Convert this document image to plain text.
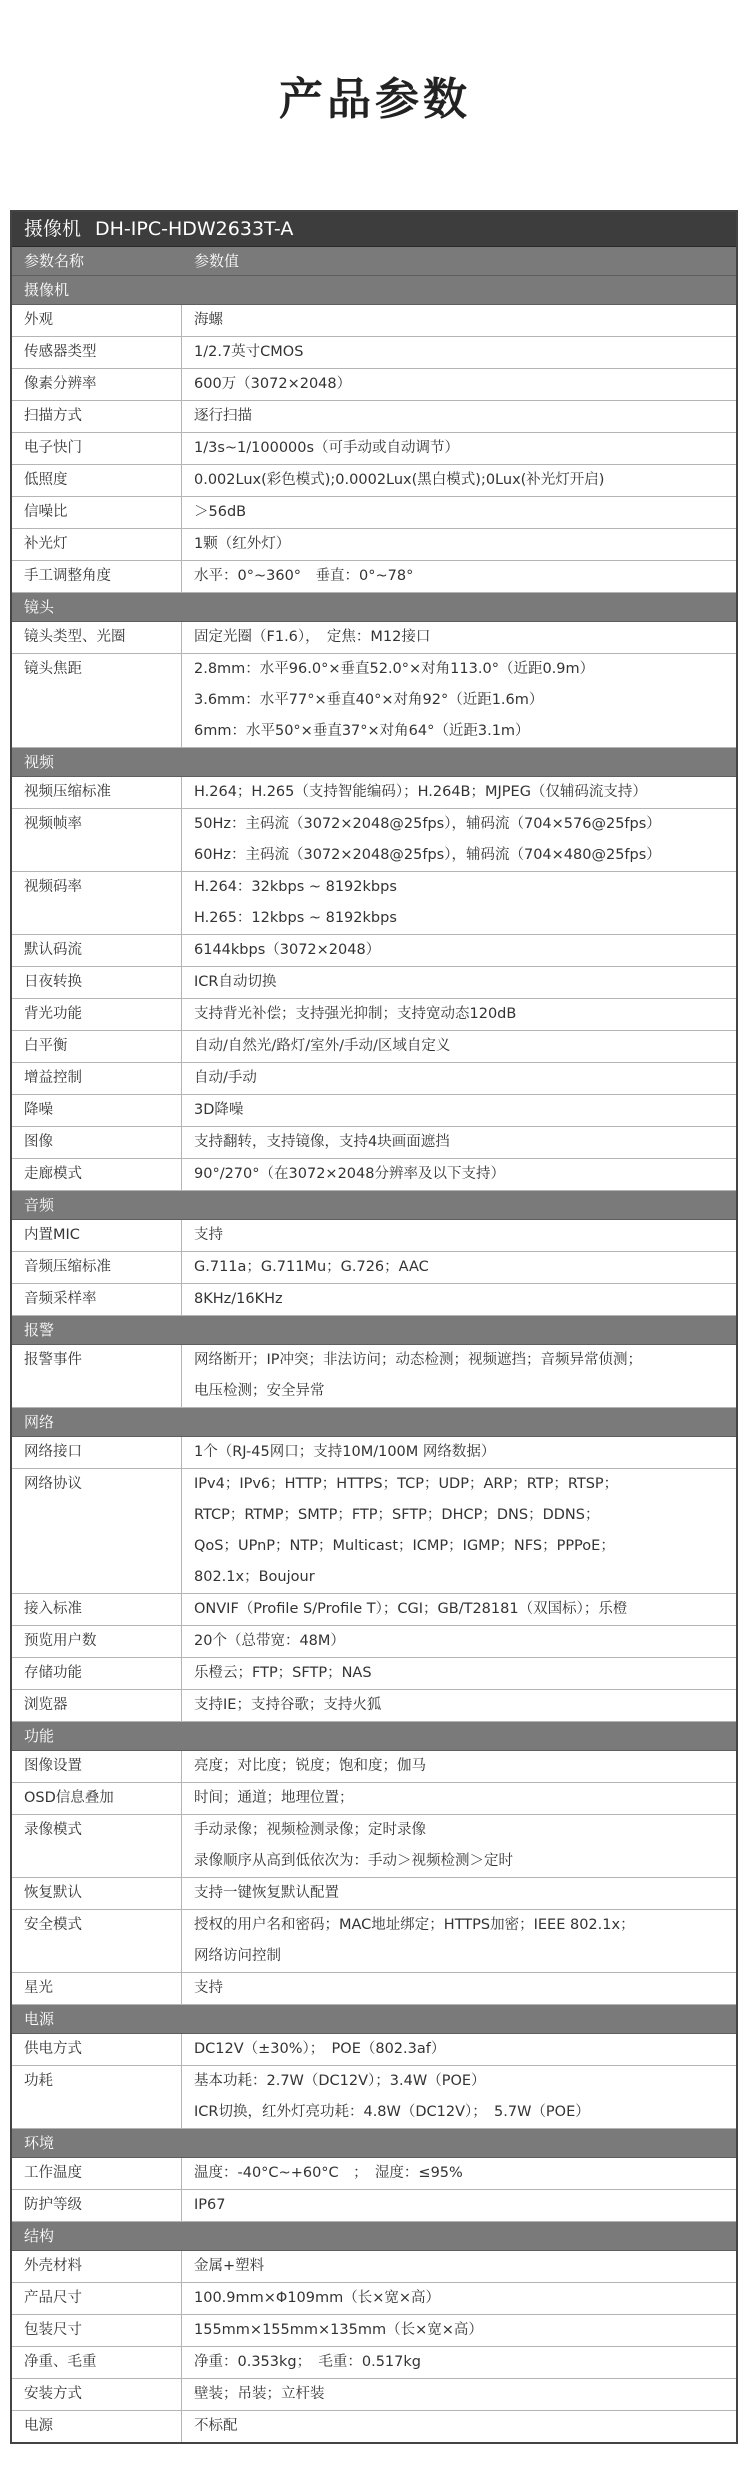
产品参数
摄像机 DH-IPC-HDW2633T-A
参数名称	参数值
摄像机
外观	海螺
传感器类型	1/2.7英寸CMOS
像素分辨率	600万（3072×2048）
扫描方式	逐行扫描
电子快门	1/3s~1/100000s（可手动或自动调节）
低照度	0.002Lux(彩色模式);0.0002Lux(黑白模式);0Lux(补光灯开启)
信噪比	＞56dB
补光灯	1颗（红外灯）
手工调整角度	水平：0°~360°　垂直：0°~78°
镜头
镜头类型、光圈	固定光圈（F1.6），　定焦：M12接口
镜头焦距	2.8mm：水平96.0°×垂直52.0°×对角113.0°（近距0.9m）
3.6mm：水平77°×垂直40°×对角92°（近距1.6m）
6mm：水平50°×垂直37°×对角64°（近距3.1m）
视频
视频压缩标准	H.264；H.265（支持智能编码）；H.264B；MJPEG（仅辅码流支持）
视频帧率	50Hz：主码流（3072×2048@25fps），辅码流（704×576@25fps）
60Hz：主码流（3072×2048@25fps），辅码流（704×480@25fps）
视频码率	H.264：32kbps ~ 8192kbps
H.265：12kbps ~ 8192kbps
默认码流	6144kbps（3072×2048）
日夜转换	ICR自动切换
背光功能	支持背光补偿；支持强光抑制；支持宽动态120dB
白平衡	自动/自然光/路灯/室外/手动/区域自定义
增益控制	自动/手动
降噪	3D降噪
图像	支持翻转，支持镜像，支持4块画面遮挡
走廊模式	90°/270°（在3072×2048分辨率及以下支持）
音频
内置MIC	支持
音频压缩标准	G.711a；G.711Mu；G.726；AAC
音频采样率	8KHz/16KHz
报警
报警事件	网络断开；IP冲突；非法访问；动态检测；视频遮挡；音频异常侦测；
电压检测；安全异常
网络
网络接口	1个（RJ-45网口；支持10M/100M 网络数据）
网络协议	IPv4；IPv6；HTTP；HTTPS；TCP；UDP；ARP；RTP；RTSP；
RTCP；RTMP；SMTP；FTP；SFTP；DHCP；DNS；DDNS；
QoS；UPnP；NTP；Multicast；ICMP；IGMP；NFS；PPPoE；
802.1x；Boujour
接入标准	ONVIF（Profile S/Profile T）；CGI；GB/T28181（双国标）；乐橙
预览用户数	20个（总带宽：48M）
存储功能	乐橙云；FTP；SFTP；NAS
浏览器	支持IE；支持谷歌；支持火狐
功能
图像设置	亮度；对比度；锐度；饱和度；伽马
OSD信息叠加	时间；通道；地理位置；
录像模式	手动录像；视频检测录像；定时录像
录像顺序从高到低依次为：手动＞视频检测＞定时
恢复默认	支持一键恢复默认配置
安全模式	授权的用户名和密码；MAC地址绑定；HTTPS加密；IEEE 802.1x；
网络访问控制
星光	支持
电源
供电方式	DC12V（±30%）；　POE（802.3af）
功耗	基本功耗：2.7W（DC12V）；3.4W（POE）
ICR切换，红外灯亮功耗：4.8W（DC12V）；　5.7W（POE）
环境
工作温度	温度：-40°C~+60°C　；　湿度：≤95%
防护等级	IP67
结构
外壳材料	金属+塑料
产品尺寸	100.9mm×Φ109mm（长×宽×高）
包装尺寸	155mm×155mm×135mm（长×宽×高）
净重、毛重	净重：0.353kg；　毛重：0.517kg
安装方式	壁装；吊装；立杆装
电源	不标配
